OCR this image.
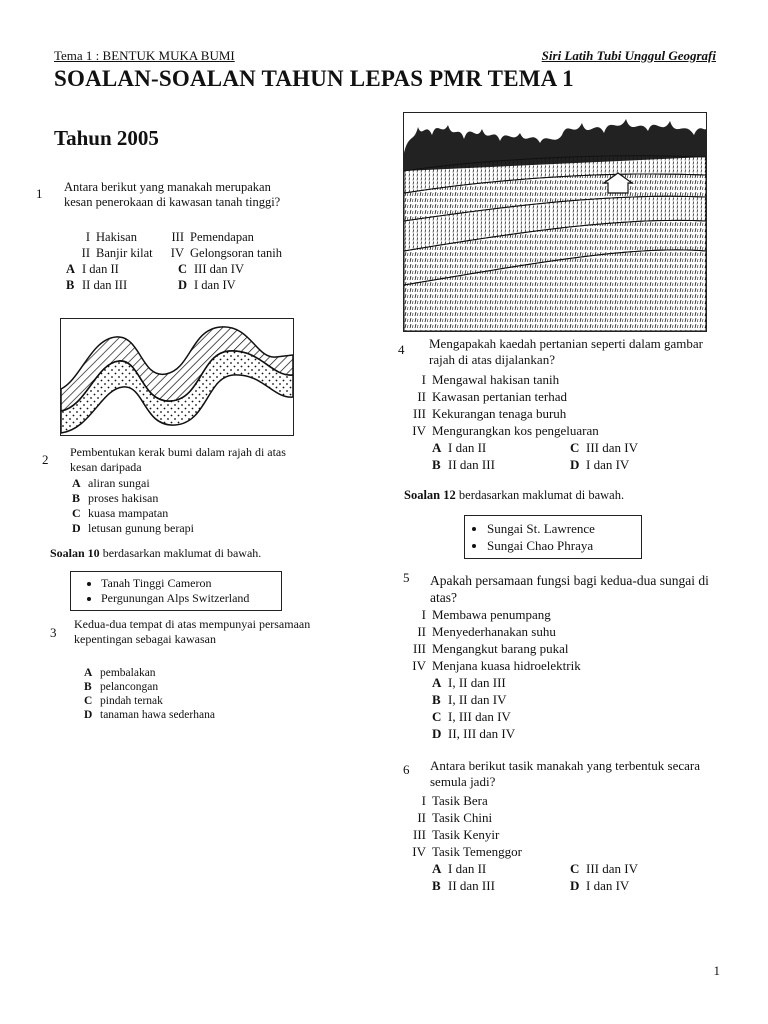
Tema 1 : BENTUK MUKA BUMI	Siri Latih Tubi Unggul Geografi
SOALAN-SOALAN TAHUN LEPAS PMR TEMA 1
Tahun 2005
1 Antara berikut yang manakah merupakan kesan penerokaan di kawasan tanah tinggi?
I Hakisan
II Banjir kilat
III Pemendapan
IV Gelongsoran tanih
A I dan II
B II dan III
C III dan IV
D I dan IV
2 Pembentukan kerak bumi dalam rajah di atas kesan daripada
A aliran sungai
B proses hakisan
C kuasa mampatan
D letusan gunung berapi
Soalan 10 berdasarkan maklumat di bawah.
• Tanah Tinggi Cameron
• Pergunungan Alps Switzerland
3
Kedua-dua tempat di atas mempunyai persamaan kepentingan sebagai kawasan
A pembalakan
B pelancongan
C pindah ternak
D tanaman hawa sederhana
4 Mengapakah kaedah pertanian seperti dalam gambar rajah di atas dijalankan?
I Mengawal hakisan tanih
II Kawasan pertanian terhad
III Kekurangan tenaga buruh
IV Mengurangkan kos pengeluaran
A I dan II
B II dan III
C III dan IV
D I dan IV
Soalan 12 berdasarkan maklumat di bawah.
• Sungai St. Lawrence
• Sungai Chao Phraya
5 Apakah persamaan fungsi bagi kedua-dua sungai di atas?
I Membawa penumpang
II Menyederhanakan suhu
III Mengangkut barang pukal
IV Menjana kuasa hidroelektrik
A I, II dan III
B I, II dan IV
C I, III dan IV
D II, III dan IV
6 Antara berikut tasik manakah yang terbentuk secara semula jadi?
I Tasik Bera
II Tasik Chini
III Tasik Kenyir
IV Tasik Temenggor
A I dan II
B II dan III
C III dan IV
D I dan IV
1
